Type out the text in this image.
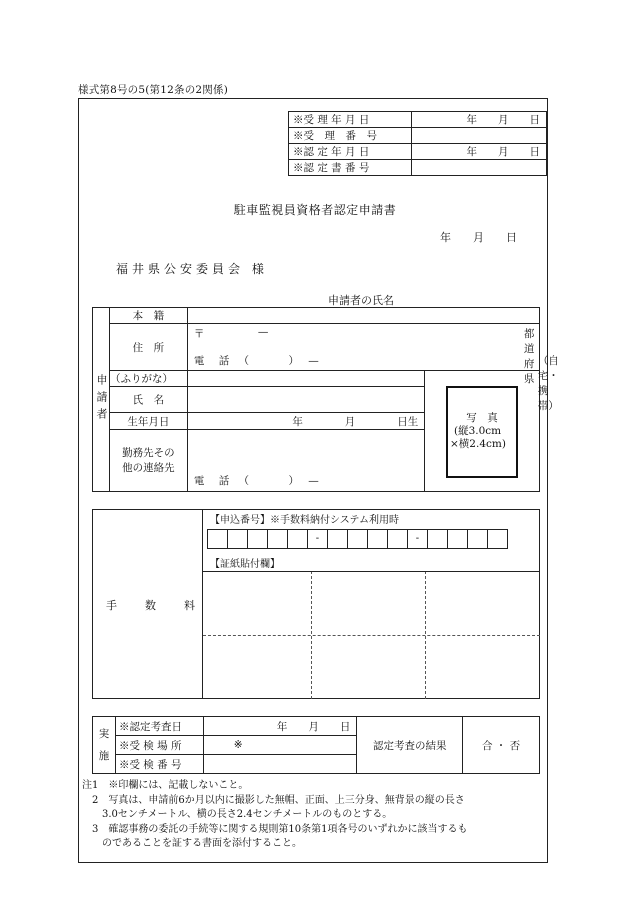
様式第8号の5(第12条の2関係)
※受 理 年 月 日	年　　月　　日
※受　理　番　号	
※認 定 年 月 日	年　　月　　日
※認 定 書 番 号	
駐車監視員資格者認定申請書
年　　月　　日
福井県公安委員会 様
申請者の氏名
申請者	本　籍		
	住　所	〒 — 都道府県
電　話　（　　　）　— （自宅・携帯）	

	（ふりがな）		
	氏　名		
	生年月日	年　　　　月　　　　日生	

	勤務先その
他の連絡先	電　話　（　　　）　—	
写　真
(縦3.0cm
×横2.4cm)
手　　数　　料
【申込番号】※手数料納付システム利用時
-	-
【証紙貼付欄】
実
施	※認定考査日	年　　月　　日	認定考査の結果	合 ・ 否
	※受 検 場 所	※		
	※受 検 番 号			
注1　※印欄には、記載しないこと。
　2　写真は、申請前6か月以内に撮影した無帽、正面、上三分身、無背景の縦の長さ
　　3.0センチメートル、横の長さ2.4センチメートルのものとする。
　3　確認事務の委託の手続等に関する規則第10条第1項各号のいずれかに該当するも
　　のであることを証する書面を添付すること。
